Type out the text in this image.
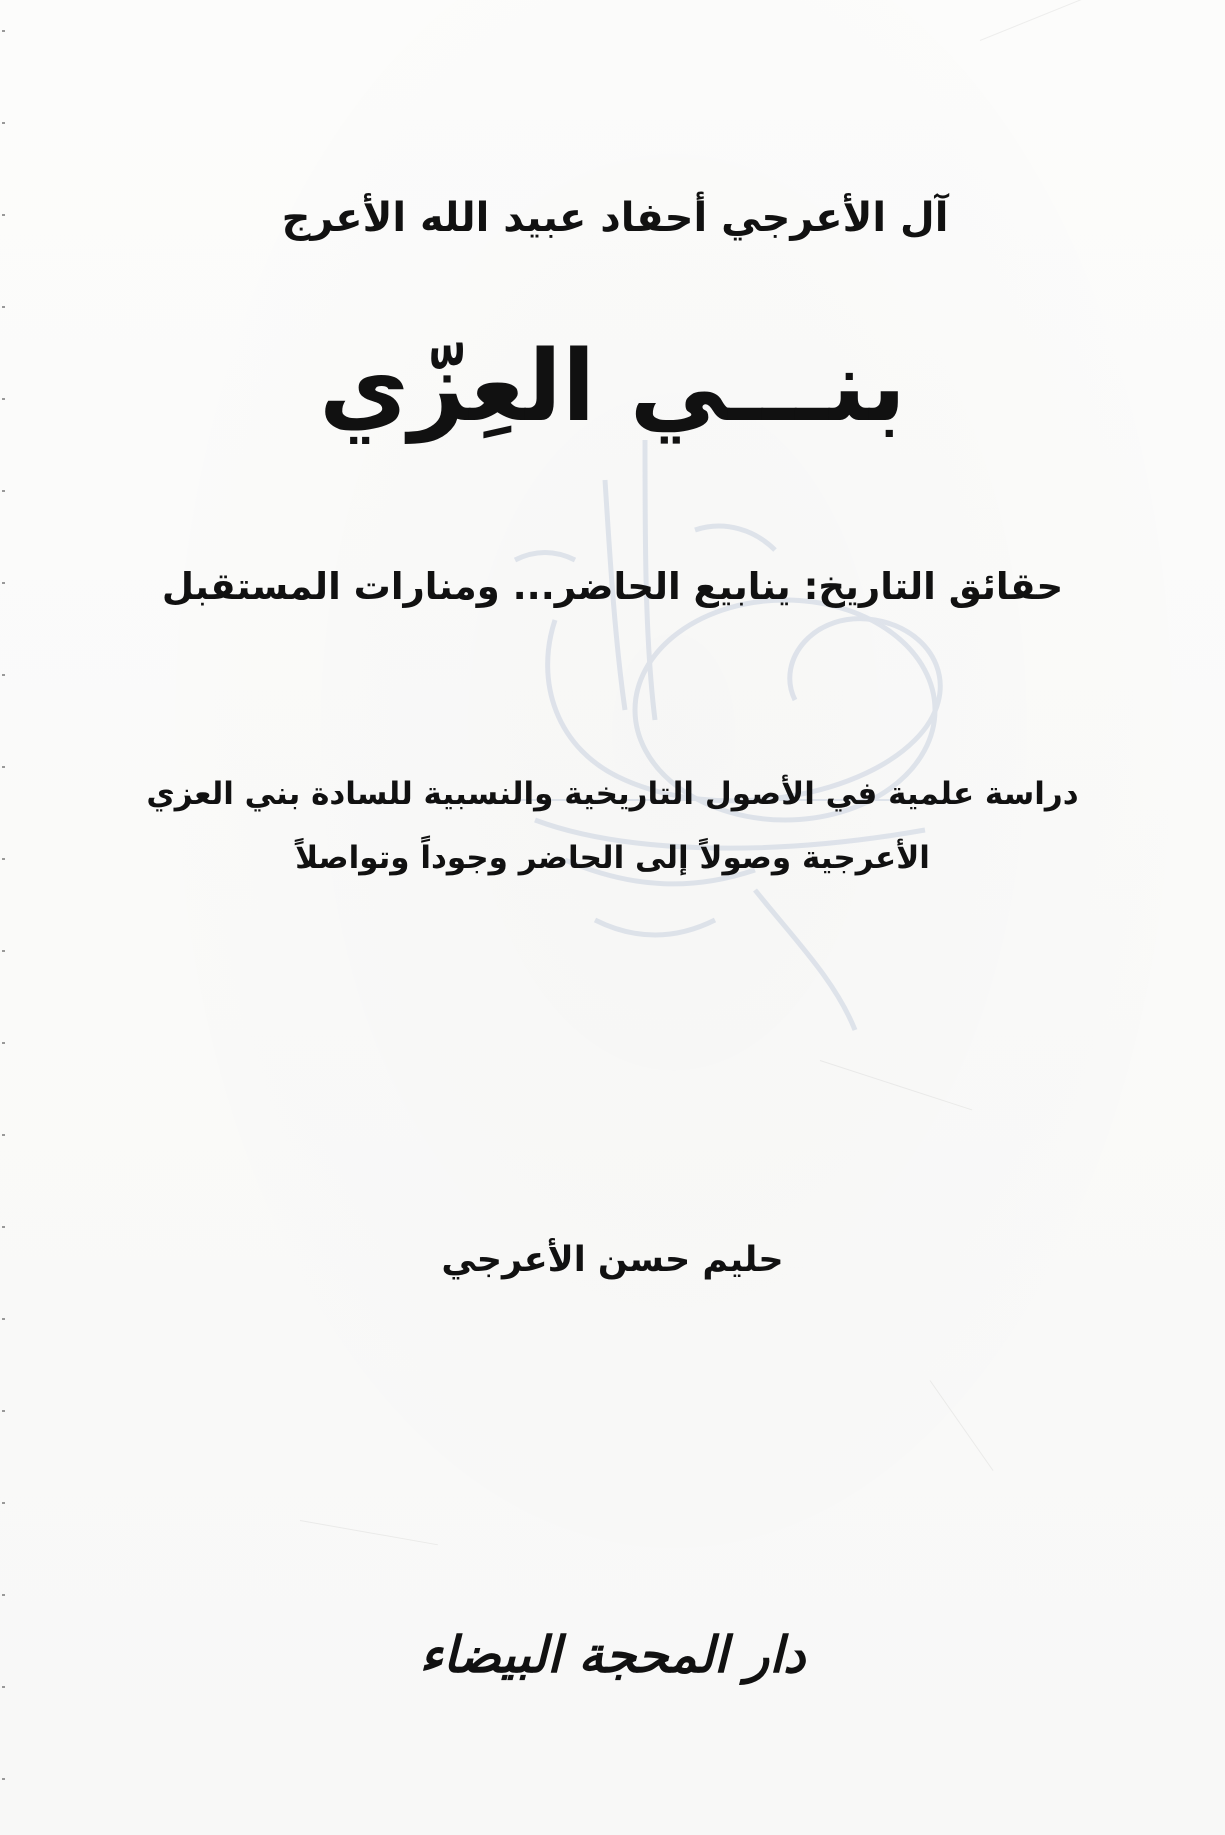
آل الأعرجي أحفاد عبيد الله الأعرج
بنـــي العِزّي
حقائق التاريخ: ينابيع الحاضر... ومنارات المستقبل
دراسة علمية في الأصول التاريخية والنسبية للسادة بني العزي
الأعرجية وصولاً إلى الحاضر وجوداً وتواصلاً
حليم حسن الأعرجي
دار المحجة البيضاء
